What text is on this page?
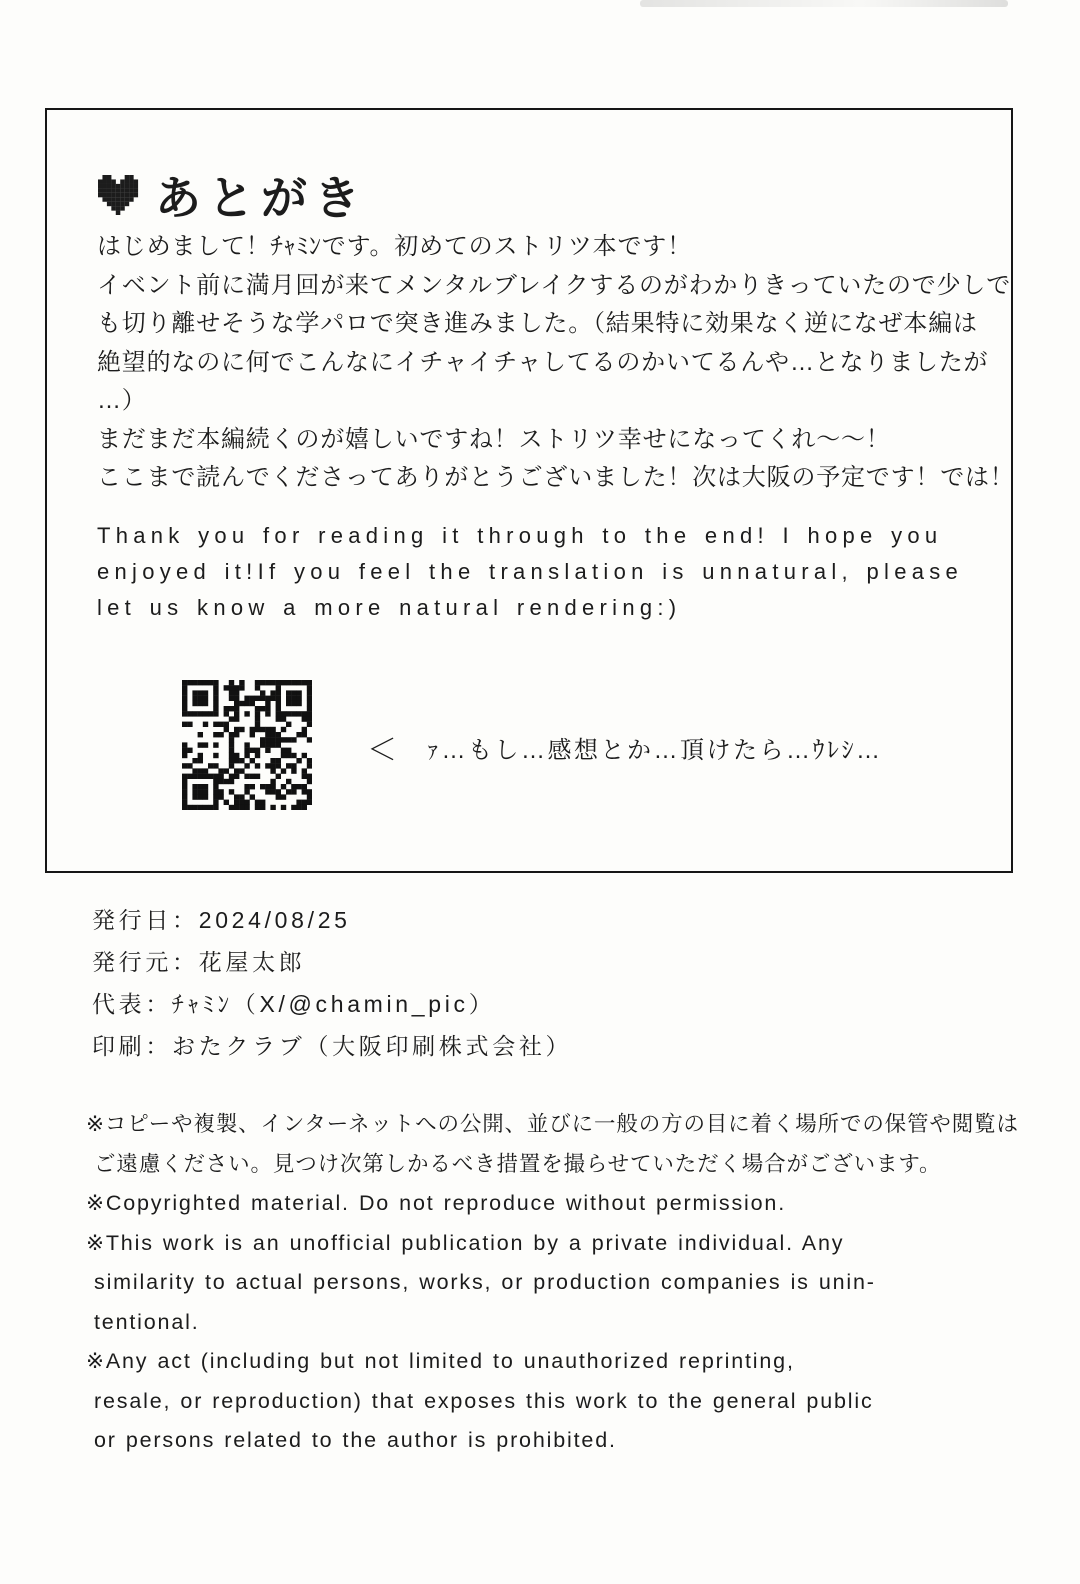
あとがき
はじめまして！ﾁｬﾐﾝです。初めてのストリツ本です！
イベント前に満月回が来てメンタルブレイクするのがわかりきっていたので少しで
も切り離せそうな学パロで突き進みました。（結果特に効果なく逆になぜ本編は
絶望的なのに何でこんなにイチャイチャしてるのかいてるんや…となりましたが
…）
まだまだ本編続くのが嬉しいですね！ストリツ幸せになってくれ～～！
ここまで読んでくださってありがとうございました！次は大阪の予定です！では！
Thank you for reading it through to the end! I hope you
enjoyed it!If you feel the translation is unnatural, please
let us know a more natural rendering:)
＜ ｧ…もし…感想とか…頂けたら…ｳﾚｼ…
発行日：2024/08/25
発行元：花屋太郎
代表：ﾁｬﾐﾝ（X/@chamin_pic）
印刷：おたクラブ（大阪印刷株式会社）
※コピーや複製、インターネットへの公開、並びに一般の方の目に着く場所での保管や閲覧は
ご遠慮ください。見つけ次第しかるべき措置を撮らせていただく場合がございます。
※Copyrighted material. Do not reproduce without permission.
※This work is an unofficial publication by a private individual. Any
similarity to actual persons, works, or production companies is unin-
tentional.
※Any act (including but not limited to unauthorized reprinting,
resale, or reproduction) that exposes this work to the general public
or persons related to the author is prohibited.
